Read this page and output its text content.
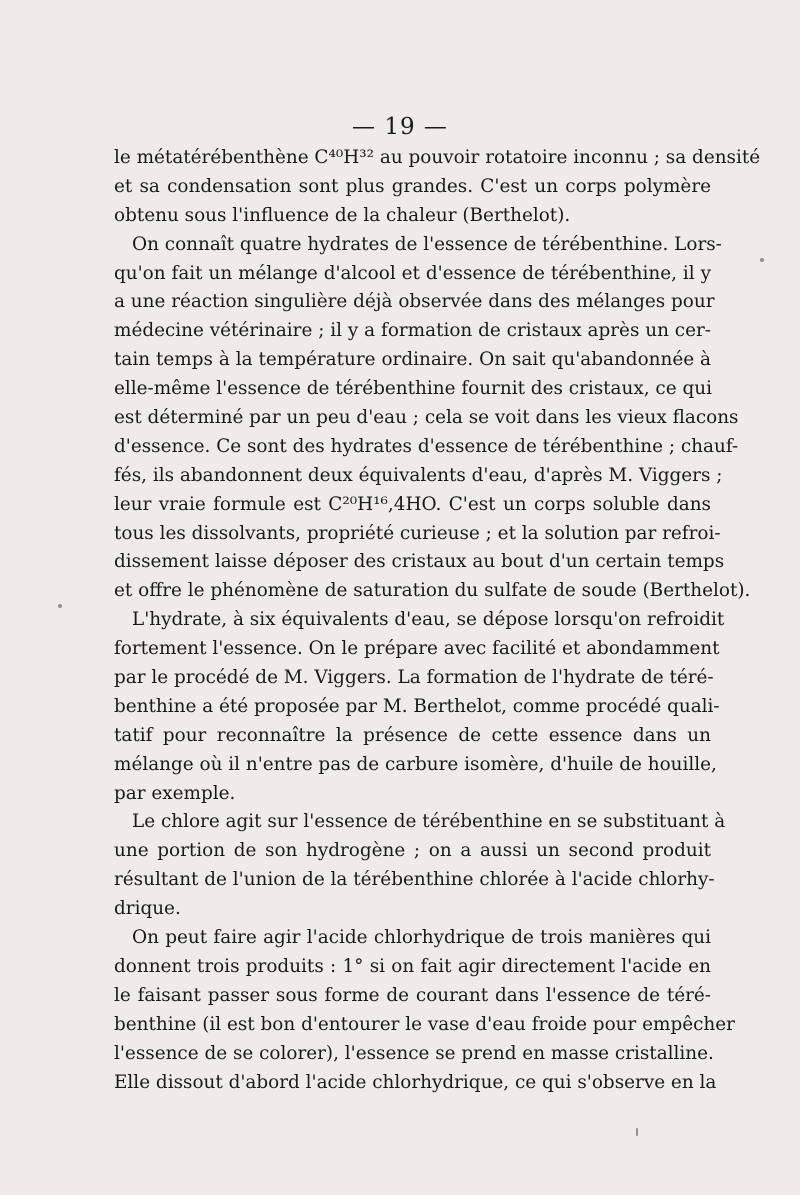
— 19 —
le métatérébenthène C⁴⁰H³² au pouvoir rotatoire inconnu ; sa densité
et sa condensation sont plus grandes. C'est un corps polymère
obtenu sous l'influence de la chaleur (Berthelot).
On connaît quatre hydrates de l'essence de térébenthine. Lors-
qu'on fait un mélange d'alcool et d'essence de térébenthine, il y
a une réaction singulière déjà observée dans des mélanges pour
médecine vétérinaire ; il y a formation de cristaux après un cer-
tain temps à la température ordinaire. On sait qu'abandonnée à
elle-même l'essence de térébenthine fournit des cristaux, ce qui
est déterminé par un peu d'eau ; cela se voit dans les vieux flacons
d'essence. Ce sont des hydrates d'essence de térébenthine ; chauf-
fés, ils abandonnent deux équivalents d'eau, d'après M. Viggers ;
leur vraie formule est C²⁰H¹⁶,4HO. C'est un corps soluble dans
tous les dissolvants, propriété curieuse ; et la solution par refroi-
dissement laisse déposer des cristaux au bout d'un certain temps
et offre le phénomène de saturation du sulfate de soude (Berthelot).
L'hydrate, à six équivalents d'eau, se dépose lorsqu'on refroidit
fortement l'essence. On le prépare avec facilité et abondamment
par le procédé de M. Viggers. La formation de l'hydrate de téré-
benthine a été proposée par M. Berthelot, comme procédé quali-
tatif pour reconnaître la présence de cette essence dans un
mélange où il n'entre pas de carbure isomère, d'huile de houille,
par exemple.
Le chlore agit sur l'essence de térébenthine en se substituant à
une portion de son hydrogène ; on a aussi un second produit
résultant de l'union de la térébenthine chlorée à l'acide chlorhy-
drique.
On peut faire agir l'acide chlorhydrique de trois manières qui
donnent trois produits : 1° si on fait agir directement l'acide en
le faisant passer sous forme de courant dans l'essence de téré-
benthine (il est bon d'entourer le vase d'eau froide pour empêcher
l'essence de se colorer), l'essence se prend en masse cristalline.
Elle dissout d'abord l'acide chlorhydrique, ce qui s'observe en la
